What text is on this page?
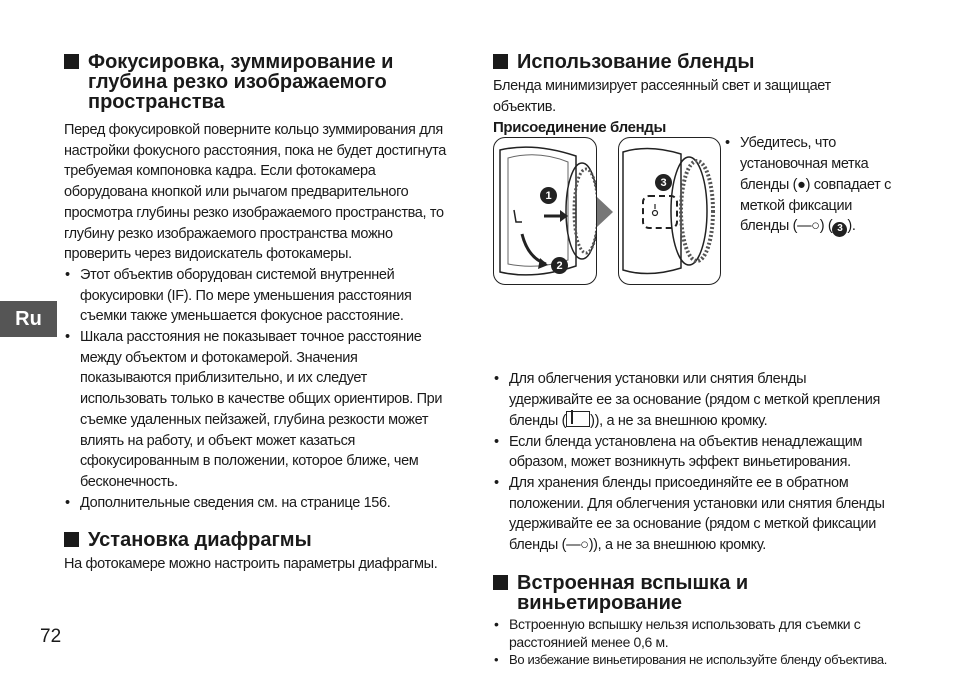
Фокусировка, зуммирование и глубина резко изображаемого пространства

Перед фокусировкой поверните кольцо зуммирования для настройки фокусного расстояния, пока не будет достигнута требуемая компоновка кадра. Если фотокамера оборудована кнопкой или рычагом предварительного просмотра глубины резко изображаемого пространства, то глубину резко изображаемого пространства можно проверить через видоискатель фотокамеры.

• Этот объектив оборудован системой внутренней фокусировки (IF). По мере уменьшения расстояния съемки также уменьшается фокусное расстояние.
• Шкала расстояния не показывает точное расстояние между объектом и фотокамерой. Значения показываются приблизительно, и их следует использовать только в качестве общих ориентиров. При съемке удаленных пейзажей, глубина резкости может влиять на работу, и объект может казаться сфокусированным в положении, которое ближе, чем бесконечность.
• Дополнительные сведения см. на странице 156.
Установка диафрагмы

На фотокамере можно настроить параметры диафрагмы.

Использование бленды

Бленда минимизирует рассеянный свет и защищает объектив.

Присоединение бленды

1
2
3
• Убедитесь, что установочная метка бленды (●) совпадает с меткой фиксации бленды (—○) ( 3 ).
• Для облегчения установки или снятия бленды удерживайте ее за основание (рядом с меткой крепления бленды ( )), а не за внешнюю кромку.
• Если бленда установлена на объектив ненадлежащим образом, может возникнуть эффект виньетирования.
• Для хранения бленды присоединяйте ее в обратном положении. Для облегчения установки или снятия бленды удерживайте ее за основание (рядом с меткой фиксации бленды (—○)), а не за внешнюю кромку.
Встроенная вспышка и виньетирование
• Встроенную вспышку нельзя использовать для съемки с расстоянией менее 0,6 м.
• Во избежание виньетирования не используйте бленду объектива.
Ru
72
